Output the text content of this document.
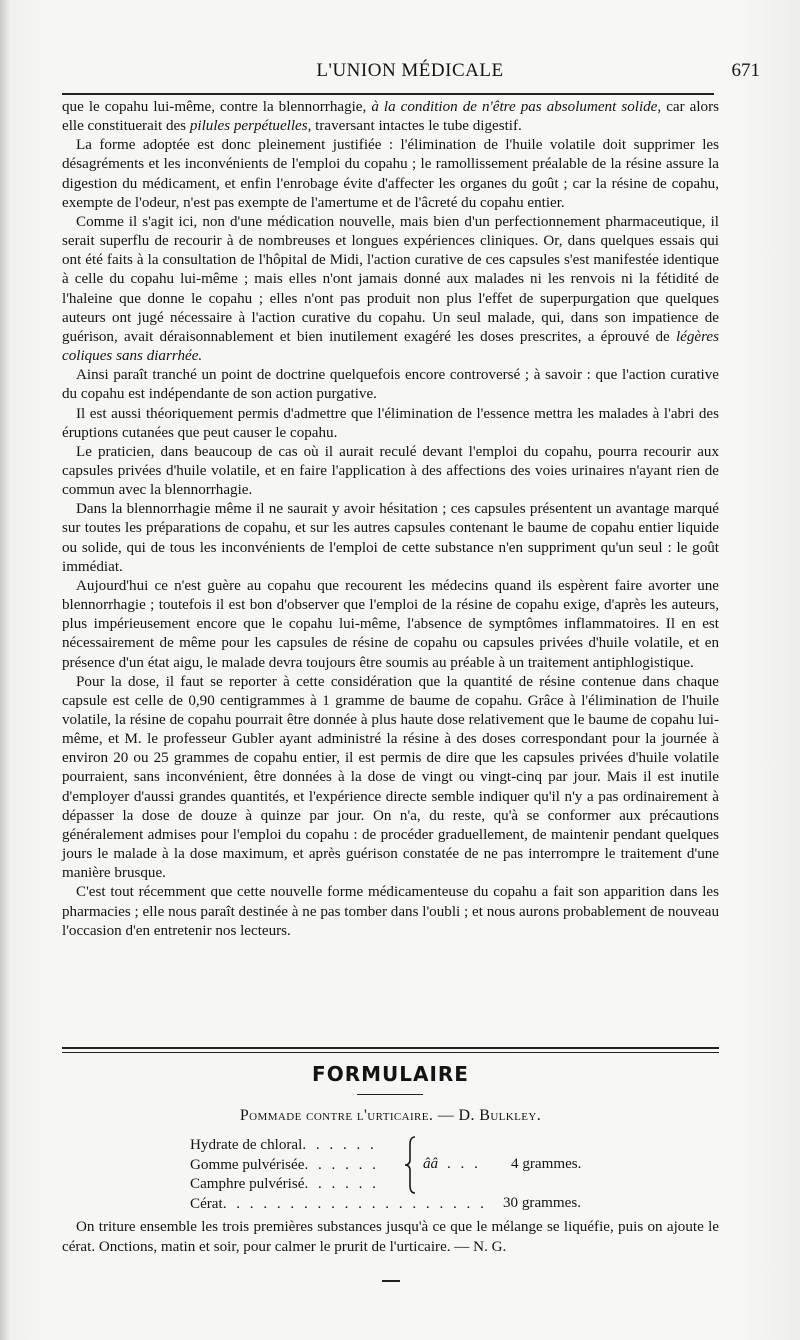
L'UNION MÉDICALE	671

que le copahu lui-même, contre la blennorrhagie, à la condition de n'être pas absolument solide, car alors elle constituerait des pilules perpétuelles, traversant intactes le tube digestif.

La forme adoptée est donc pleinement justifiée : l'élimination de l'huile volatile doit supprimer les désagréments et les inconvénients de l'emploi du copahu ; le ramollissement préalable de la résine assure la digestion du médicament, et enfin l'enrobage évite d'affecter les organes du goût ; car la résine de copahu, exempte de l'odeur, n'est pas exempte de l'amertume et de l'âcreté du copahu entier.

Comme il s'agit ici, non d'une médication nouvelle, mais bien d'un perfectionnement pharmaceutique, il serait superflu de recourir à de nombreuses et longues expériences cliniques. Or, dans quelques essais qui ont été faits à la consultation de l'hôpital de Midi, l'action curative de ces capsules s'est manifestée identique à celle du copahu lui-même ; mais elles n'ont jamais donné aux malades ni les renvois ni la fétidité de l'haleine que donne le copahu ; elles n'ont pas produit non plus l'effet de superpurgation que quelques auteurs ont jugé nécessaire à l'action curative du copahu. Un seul malade, qui, dans son impatience de guérison, avait déraisonnablement et bien inutilement exagéré les doses prescrites, a éprouvé de légères coliques sans diarrhée.

Ainsi paraît tranché un point de doctrine quelquefois encore controversé ; à savoir : que l'action curative du copahu est indépendante de son action purgative.

Il est aussi théoriquement permis d'admettre que l'élimination de l'essence mettra les malades à l'abri des éruptions cutanées que peut causer le copahu.

Le praticien, dans beaucoup de cas où il aurait reculé devant l'emploi du copahu, pourra recourir aux capsules privées d'huile volatile, et en faire l'application à des affections des voies urinaires n'ayant rien de commun avec la blennorrhagie.

Dans la blennorrhagie même il ne saurait y avoir hésitation ; ces capsules présentent un avantage marqué sur toutes les préparations de copahu, et sur les autres capsules contenant le baume de copahu entier liquide ou solide, qui de tous les inconvénients de l'emploi de cette substance n'en suppriment qu'un seul : le goût immédiat.

Aujourd'hui ce n'est guère au copahu que recourent les médecins quand ils espèrent faire avorter une blennorrhagie ; toutefois il est bon d'observer que l'emploi de la résine de copahu exige, d'après les auteurs, plus impérieusement encore que le copahu lui-même, l'absence de symptômes inflammatoires. Il en est nécessairement de même pour les capsules de résine de copahu ou capsules privées d'huile volatile, et en présence d'un état aigu, le malade devra toujours être soumis au préable à un traitement antiphlogistique.

Pour la dose, il faut se reporter à cette considération que la quantité de résine contenue dans chaque capsule est celle de 0,90 centigrammes à 1 gramme de baume de copahu. Grâce à l'élimination de l'huile volatile, la résine de copahu pourrait être donnée à plus haute dose relativement que le baume de copahu lui-même, et M. le professeur Gubler ayant administré la résine à des doses correspondant pour la journée à environ 20 ou 25 grammes de copahu entier, il est permis de dire que les capsules privées d'huile volatile pourraient, sans inconvénient, être données à la dose de vingt ou vingt-cinq par jour. Mais il est inutile d'employer d'aussi grandes quantités, et l'expérience directe semble indiquer qu'il n'y a pas ordinairement à dépasser la dose de douze à quinze par jour. On n'a, du reste, qu'à se conformer aux précautions généralement admises pour l'emploi du copahu : de procéder graduellement, de maintenir pendant quelques jours le malade à la dose maximum, et après guérison constatée de ne pas interrompre le traitement d'une manière brusque.

C'est tout récemment que cette nouvelle forme médicamenteuse du copahu a fait son apparition dans les pharmacies ; elle nous paraît destinée à ne pas tomber dans l'oubli ; et nous aurons probablement de nouveau l'occasion d'en entretenir nos lecteurs.

FORMULAIRE
Pommade contre l'urticaire. — D. Bulkley.
Hydrate de chloral. . . . . .
Gomme pulvérisée. . . . . .
Camphre pulvérisé. . . . . .
Cérat. . . . . . . . . . . . . . . . . . . .
ââ . . . 4 grammes.
30 grammes.

On triture ensemble les trois premières substances jusqu'à ce que le mélange se liquéfie, puis on ajoute le cérat. Onctions, matin et soir, pour calmer le prurit de l'urticaire. — N. G.
